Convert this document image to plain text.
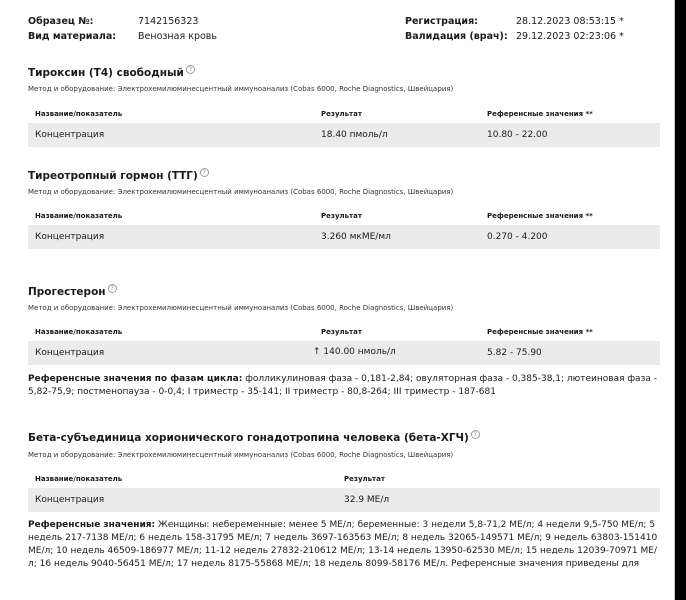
Образец №:	7142156323
Вид материала: Венозная кровь
Регистрация:	28.12.2023 08:53:15 *
Валидация (врач): 29.12.2023 02:23:06 *
Тироксин (Т4) свободный ?
Метод и оборудование: Электрохемилюминесцентный иммуноанализ (Cobas 6000, Roche Diagnostics, Швейцария)
Название/показатель	Результат	Референсные значения **
Концентрация	18.40 пмоль/л	10.80 - 22.00
Тиреотропный гормон (ТТГ) ?
Метод и оборудование: Электрохемилюминесцентный иммуноанализ (Cobas 6000, Roche Diagnostics, Швейцария)
Название/показатель	Результат	Референсные значения **
Концентрация	3.260 мкМЕ/мл	0.270 - 4.200
Прогестерон ?
Метод и оборудование: Электрохемилюминесцентный иммуноанализ (Cobas 6000, Roche Diagnostics, Швейцария)
Название/показатель	Результат	Референсные значения **
Концентрация	↑ 140.00 нмоль/л	5.82 - 75.90
Референсные значения по фазам цикла: фолликулиновая фаза - 0,181-2,84; овуляторная фаза - 0,385-38,1; лютеиновая фаза - 5,82-75,9; постменопауза - 0-0,4; I триместр - 35-141; II триместр - 80,8-264; III триместр - 187-681
Бета-субъединица хорионического гонадотропина человека (бета-ХГЧ) ?
Метод и оборудование: Электрохемилюминесцентный иммуноанализ (Cobas 6000, Roche Diagnostics, Швейцария)
Название/показатель	Результат
Концентрация	32.9 МЕ/л
Референсные значения: Женщины: небеременные: менее 5 МЕ/л; беременные: 3 недели 5,8-71,2 МЕ/л; 4 недели 9,5-750 МЕ/л; 5 недель 217-7138 МЕ/л; 6 недель 158-31795 МЕ/л; 7 недель 3697-163563 МЕ/л; 8 недель 32065-149571 МЕ/л; 9 недель 63803-151410 МЕ/л; 10 недель 46509-186977 МЕ/л; 11-12 недель 27832-210612 МЕ/л; 13-14 недель 13950-62530 МЕ/л; 15 недель 12039-70971 МЕ/л; 16 недель 9040-56451 МЕ/л; 17 недель 8175-55868 МЕ/л; 18 недель 8099-58176 МЕ/л. Референсные значения приведены для
